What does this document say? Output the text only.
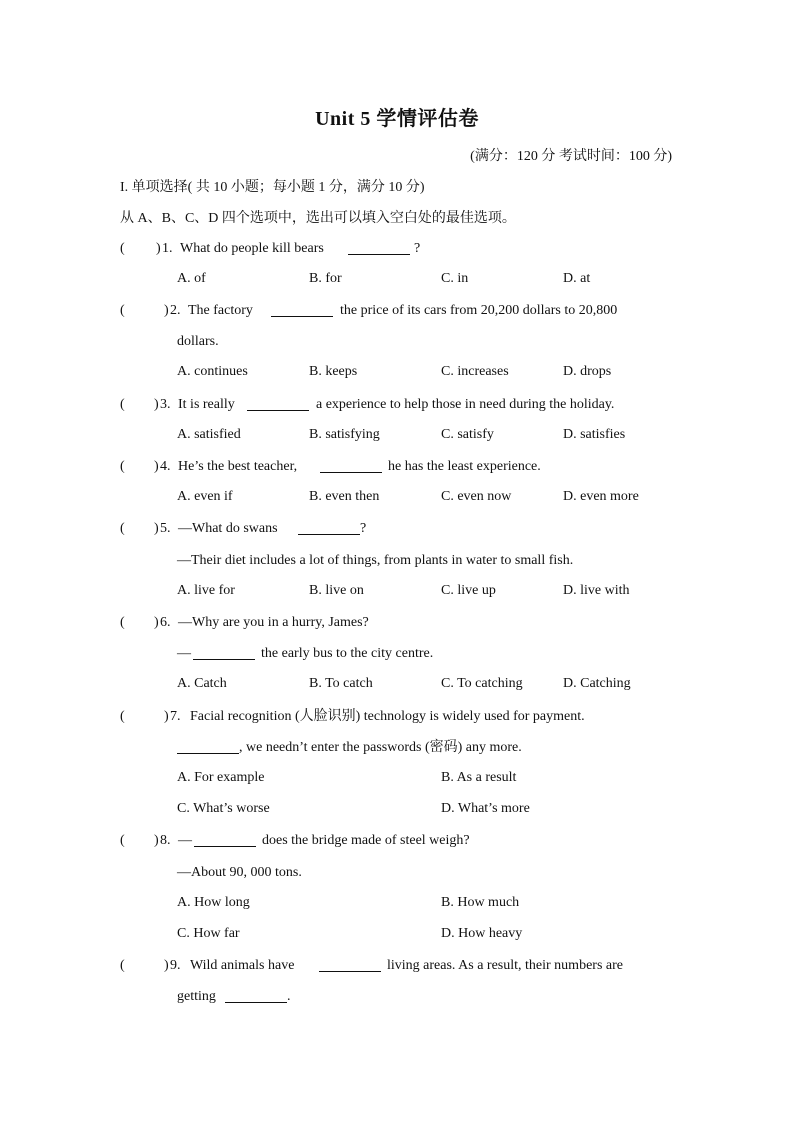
Unit 5 学情评估卷
(满分：120 分 考试时间：100 分)
I. 单项选择( 共 10 小题；每小题 1 分，满分 10 分)
从 A、B、C、D 四个选项中，选出可以填入空白处的最佳选项。
( ) 1. What do people kill bears	?
A. of	B. for	C. in	D. at
(	) 2. The factory	the price of its cars from 20,200 dollars to 20,800
dollars.
A. continues	B. keeps	C. increases	D. drops
( ) 3. It is really	a experience to help those in need during the holiday.
A. satisfied	B. satisfying	C. satisfy	D. satisfies
( ) 4. He’s the best teacher,	he has the least experience.
A. even if	B. even then	C. even now	D. even more
( ) 5. —What do swans	?
—Their diet includes a lot of things, from plants in water to small fish.
A. live for	B. live on	C. live up	D. live with
( ) 6. —Why are you in a hurry, James?
—	the early bus to the city centre.
A. Catch	B. To catch	C. To catching	D. Catching
(	) 7. Facial recognition (人脸识别) technology is widely used for payment.
, we needn’t enter the passwords (密码) any more.
A. For example	B. As a result
C. What’s worse	D. What’s more
( ) 8. —	does the bridge made of steel weigh?
—About 90, 000 tons.
A. How long	B. How much
C. How far	D. How heavy
(	) 9. Wild animals have	living areas. As a result, their numbers are
getting	.
